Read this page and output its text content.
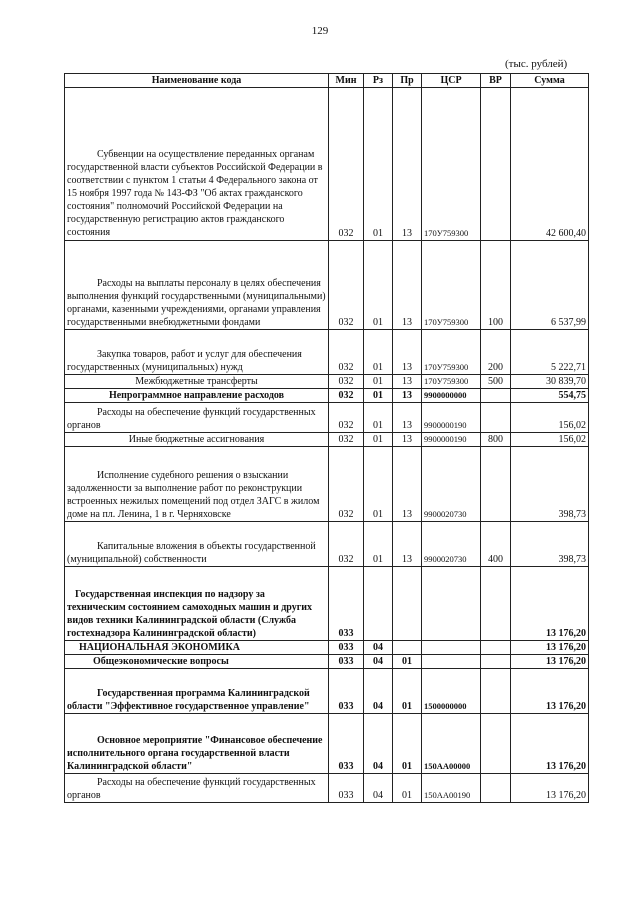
129
(тыс. рублей)
Наименование кода	Мин	Рз	Пр	ЦСР	ВР	Сумма
Субвенции на осуществление переданных органам государственной власти субъектов Российской Федерации в соответствии с пунктом 1 статьи 4 Федерального закона от 15 ноября 1997 года № 143-ФЗ "Об актах гражданского состояния" полномочий Российской Федерации на государственную регистрацию актов гражданского состояния	032	01	13	170У759300		42 600,40
Расходы на выплаты персоналу в целях обеспечения выполнения функций государственными (муниципальными) органами, казенными учреждениями, органами управления государственными внебюджетными фондами	032	01	13	170У759300	100	6 537,99
Закупка товаров, работ и услуг для обеспечения государственных (муниципальных) нужд	032	01	13	170У759300	200	5 222,71
Межбюджетные трансферты	032	01	13	170У759300	500	30 839,70
Непрограммное направление расходов	032	01	13	9900000000		554,75
Расходы на обеспечение функций государственных органов	032	01	13	9900000190		156,02
Иные бюджетные ассигнования	032	01	13	9900000190	800	156,02
Исполнение судебного решения о взыскании задолженности за выполнение работ по реконструкции встроенных нежилых помещений под отдел ЗАГС в жилом доме на пл. Ленина, 1 в г. Черняховске	032	01	13	9900020730		398,73
Капитальные вложения в объекты государственной (муниципальной) собственности	032	01	13	9900020730	400	398,73
Государственная инспекция по надзору за техническим состоянием самоходных машин и других видов техники Калининградской области (Служба гостехнадзора Калининградской области)	033					13 176,20
НАЦИОНАЛЬНАЯ ЭКОНОМИКА	033	04				13 176,20
Общеэкономические вопросы	033	04	01			13 176,20
Государственная программа Калининградской области "Эффективное государственное управление"	033	04	01	1500000000		13 176,20
Основное мероприятие "Финансовое обеспечение исполнительного органа государственной власти Калининградской области"	033	04	01	150АА00000		13 176,20
Расходы на обеспечение функций государственных органов	033	04	01	150АА00190		13 176,20
